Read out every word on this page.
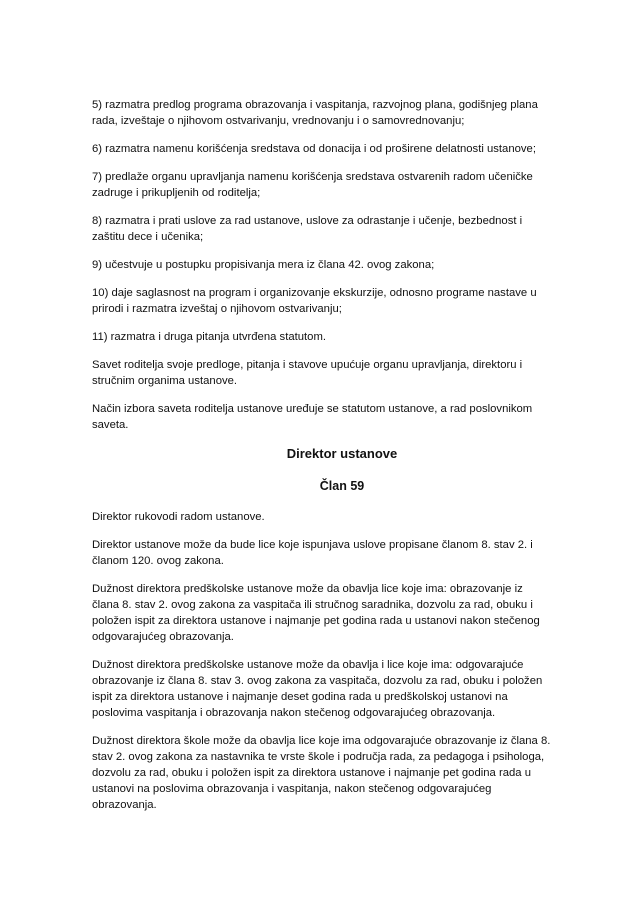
5) razmatra predlog programa obrazovanja i vaspitanja, razvojnog plana, godišnjeg plana rada, izveštaje o njihovom ostvarivanju, vrednovanju i o samovrednovanju;

6) razmatra namenu korišćenja sredstava od donacija i od proširene delatnosti ustanove;

7) predlaže organu upravljanja namenu korišćenja sredstava ostvarenih radom učeničke zadruge i prikupljenih od roditelja;

8) razmatra i prati uslove za rad ustanove, uslove za odrastanje i učenje, bezbednost i zaštitu dece i učenika;

9) učestvuje u postupku propisivanja mera iz člana 42. ovog zakona;

10) daje saglasnost na program i organizovanje ekskurzije, odnosno programe nastave u prirodi i razmatra izveštaj o njihovom ostvarivanju;

11) razmatra i druga pitanja utvrđena statutom.

Savet roditelja svoje predloge, pitanja i stavove upućuje organu upravljanja, direktoru i stručnim organima ustanove.

Način izbora saveta roditelja ustanove uređuje se statutom ustanove, a rad poslovnikom saveta.

Direktor ustanove
Član 59

Direktor rukovodi radom ustanove.

Direktor ustanove može da bude lice koje ispunjava uslove propisane članom 8. stav 2. i članom 120. ovog zakona.

Dužnost direktora predškolske ustanove može da obavlja lice koje ima: obrazovanje iz člana 8. stav 2. ovog zakona za vaspitača ili stručnog saradnika, dozvolu za rad, obuku i položen ispit za direktora ustanove i najmanje pet godina rada u ustanovi nakon stečenog odgovarajućeg obrazovanja.

Dužnost direktora predškolske ustanove može da obavlja i lice koje ima: odgovarajuće obrazovanje iz člana 8. stav 3. ovog zakona za vaspitača, dozvolu za rad, obuku i položen ispit za direktora ustanove i najmanje deset godina rada u predškolskoj ustanovi na poslovima vaspitanja i obrazovanja nakon stečenog odgovarajućeg obrazovanja.

Dužnost direktora škole može da obavlja lice koje ima odgovarajuće obrazovanje iz člana 8. stav 2. ovog zakona za nastavnika te vrste škole i područja rada, za pedagoga i psihologa, dozvolu za rad, obuku i položen ispit za direktora ustanove i najmanje pet godina rada u ustanovi na poslovima obrazovanja i vaspitanja, nakon stečenog odgovarajućeg obrazovanja.
